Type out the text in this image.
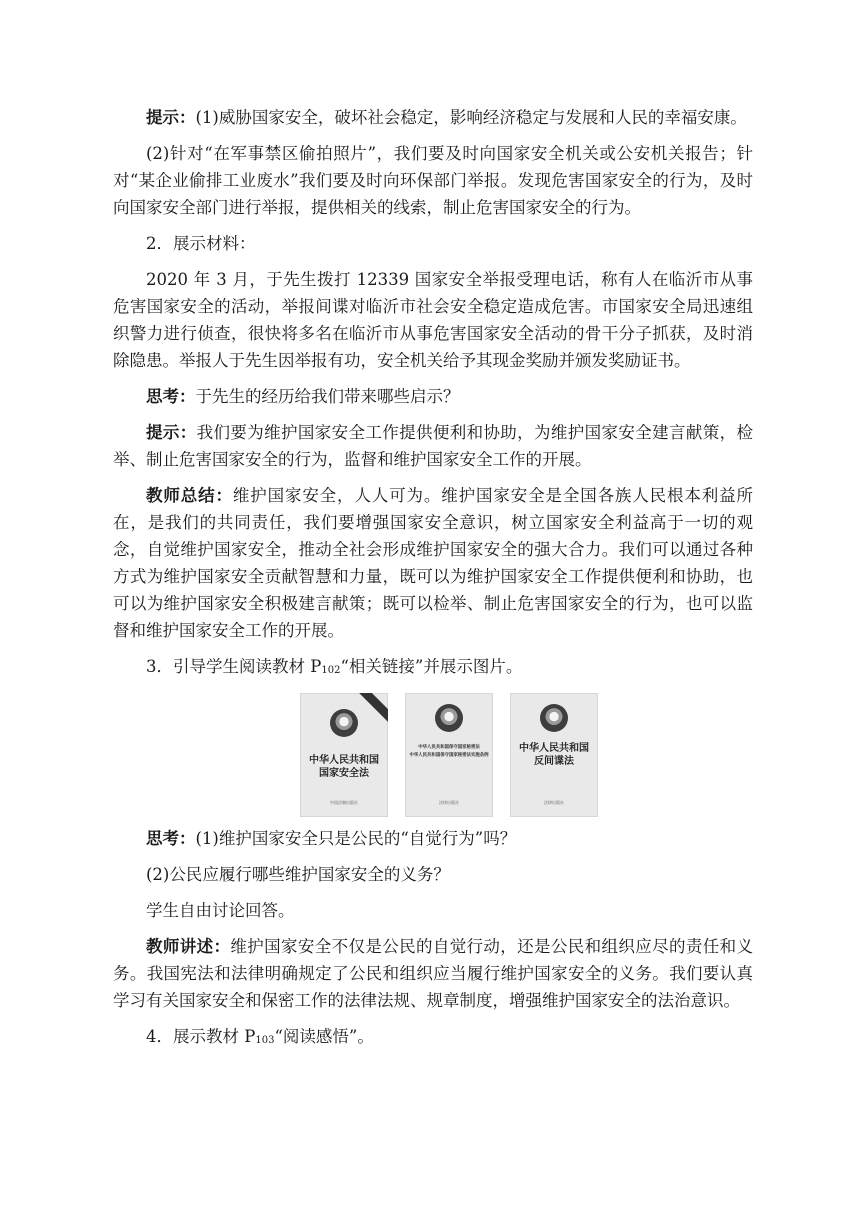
提示：(1)威胁国家安全，破坏社会稳定，影响经济稳定与发展和人民的幸福安康。

(2)针对“在军事禁区偷拍照片”，我们要及时向国家安全机关或公安机关报告；针对“某企业偷排工业废水”我们要及时向环保部门举报。发现危害国家安全的行为，及时向国家安全部门进行举报，提供相关的线索，制止危害国家安全的行为。

2．展示材料：

2020 年 3 月，于先生拨打 12339 国家安全举报受理电话，称有人在临沂市从事危害国家安全的活动，举报间谍对临沂市社会安全稳定造成危害。市国家安全局迅速组织警力进行侦查，很快将多名在临沂市从事危害国家安全活动的骨干分子抓获，及时消除隐患。举报人于先生因举报有功，安全机关给予其现金奖励并颁发奖励证书。

思考：于先生的经历给我们带来哪些启示？

提示：我们要为维护国家安全工作提供便利和协助，为维护国家安全建言献策，检举、制止危害国家安全的行为，监督和维护国家安全工作的开展。

教师总结：维护国家安全，人人可为。维护国家安全是全国各族人民根本利益所在，是我们的共同责任，我们要增强国家安全意识，树立国家安全利益高于一切的观念，自觉维护国家安全，推动全社会形成维护国家安全的强大合力。我们可以通过各种方式为维护国家安全贡献智慧和力量，既可以为维护国家安全工作提供便利和协助，也可以为维护国家安全积极建言献策；既可以检举、制止危害国家安全的行为，也可以监督和维护国家安全工作的开展。

3．引导学生阅读教材 $P_{102}“$相关链接”并展示图片。

中华人民共和国
国家安全法
中国法制出版社
中华人民共和国保守国家秘密法
中华人民共和国保守国家秘密法实施条例
法律出版社
中华人民共和国
反间谍法
法律出版社

思考：(1)维护国家安全只是公民的“自觉行为”吗？

(2)公民应履行哪些维护国家安全的义务？

学生自由讨论回答。

教师讲述：维护国家安全不仅是公民的自觉行动，还是公民和组织应尽的责任和义务。我国宪法和法律明确规定了公民和组织应当履行维护国家安全的义务。我们要认真学习有关国家安全和保密工作的法律法规、规章制度，增强维护国家安全的法治意识。

4．展示教材 $P_{103}“$阅读感悟”。
